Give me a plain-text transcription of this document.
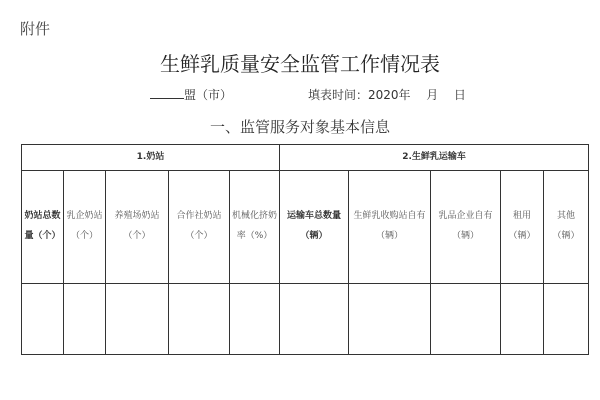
附件
生鲜乳质量安全监管工作情况表
盟（市）	填表时间：2020年 月 日
一、监管服务对象基本信息
1.奶站					2.生鲜乳运输车				
奶站总数量（个）	乳企奶站（个）	养殖场奶站（个）	合作社奶站（个）	机械化挤奶率（%）	运输车总数量（辆）	生鲜乳收购站自有（辆）	乳品企业自有（辆）	租用（辆）	其他（辆）
